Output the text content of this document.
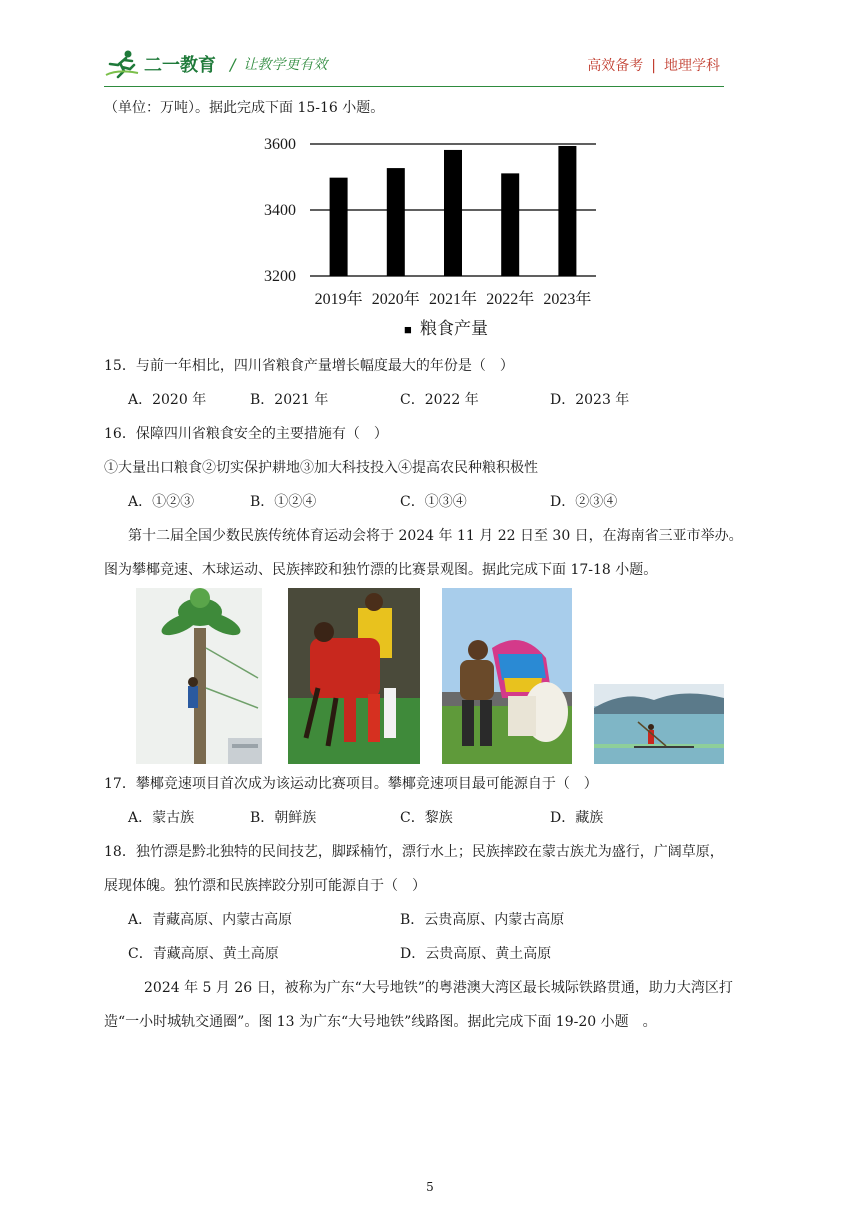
二一教育 / 让教学更有效	高效备考 | 地理学科
（单位：万吨）。据此完成下面 15-16 小题。
3600
3400
3200
2019年 2020年 2021年 2022年 2023年
■ 粮食产量
15．与前一年相比，四川省粮食产量增长幅度最大的年份是（　）
A．2020 年	B．2021 年	C．2022 年	D．2023 年
16．保障四川省粮食安全的主要措施有（　）
①大量出口粮食②切实保护耕地③加大科技投入④提高农民种粮积极性
A．①②③	B．①②④	C．①③④	D．②③④
第十二届全国少数民族传统体育运动会将于 2024 年 11 月 22 日至 30 日，在海南省三亚市举办。
图为攀椰竞速、木球运动、民族摔跤和独竹漂的比赛景观图。据此完成下面 17-18 小题。
17．攀椰竞速项目首次成为该运动比赛项目。攀椰竞速项目最可能源自于（　）
A．蒙古族	B．朝鲜族	C．黎族	D．藏族
18．独竹漂是黔北独特的民间技艺，脚踩楠竹，漂行水上；民族摔跤在蒙古族尤为盛行，广阔草原，
展现体魄。独竹漂和民族摔跤分别可能源自于（　）
A．青藏高原、内蒙古高原	B．云贵高原、内蒙古高原
C．青藏高原、黄土高原	D．云贵高原、黄土高原
2024 年 5 月 26 日，被称为广东“大号地铁”的粤港澳大湾区最长城际铁路贯通，助力大湾区打
造“一小时城轨交通圈”。图 13 为广东“大号地铁”线路图。据此完成下面 19-20 小题　。
5
